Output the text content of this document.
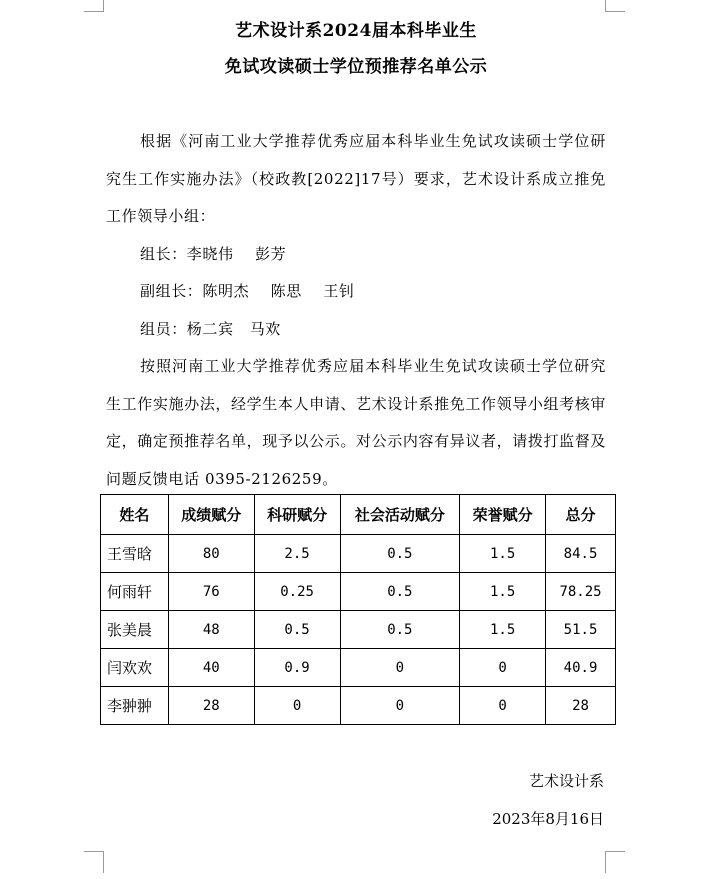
艺术设计系2024届本科毕业生
免试攻读硕士学位预推荐名单公示

根据《河南工业大学推荐优秀应届本科毕业生免试攻读硕士学位研究生工作实施办法》（校政教[2022]17号）要求，艺术设计系成立推免工作领导小组：

组长：李晓伟    彭芳
副组长：陈明杰    陈思    王钊
组员：杨二宾   马欢

按照河南工业大学推荐优秀应届本科毕业生免试攻读硕士学位研究生工作实施办法，经学生本人申请、艺术设计系推免工作领导小组考核审定，确定预推荐名单，现予以公示。对公示内容有异议者，请拨打监督及问题反馈电话 0395-2126259。

姓名	成绩赋分	科研赋分	社会活动赋分	荣誉赋分	总分
王雪晗	80	2.5	0.5	1.5	84.5
何雨轩	76	0.25	0.5	1.5	78.25
张美晨	48	0.5	0.5	1.5	51.5
闫欢欢	40	0.9	0	0	40.9
李翀翀	28	0	0	0	28
艺术设计系
2023年8月16日
